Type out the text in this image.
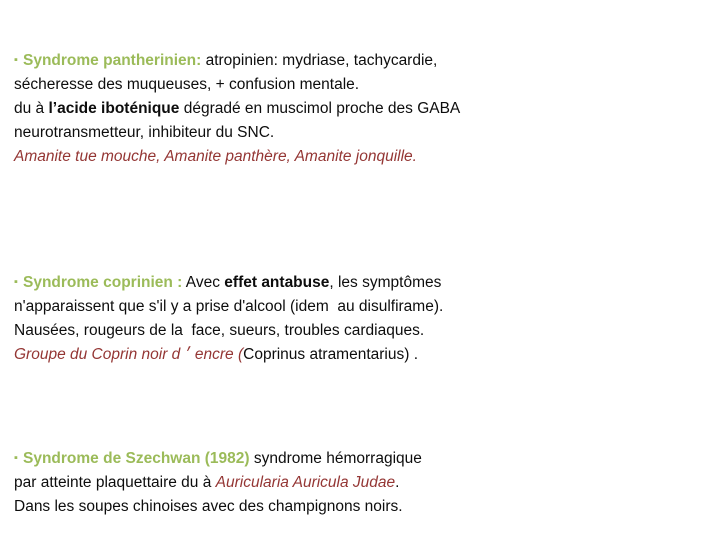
▪ Syndrome pantherinien: atropinien: mydriase, tachycardie,
sécheresse des muqueuses, + confusion mentale.
du à l’acide iboténique dégradé en muscimol proche des GABA
neurotransmetteur, inhibiteur du SNC.
Amanite tue mouche, Amanite panthère, Amanite jonquille.
▪ Syndrome coprinien : Avec effet antabuse, les symptômes
n'apparaissent que s'il y a prise d'alcool (idem  au disulfirame).
Nausées, rougeurs de la  face, sueurs, troubles cardiaques.
Groupe du Coprin noir d ׳ encre (Coprinus atramentarius) .
▪ Syndrome de Szechwan (1982) syndrome hémorragique
par atteinte plaquettaire du à Auricularia Auricula Judae.
Dans les soupes chinoises avec des champignons noirs.
